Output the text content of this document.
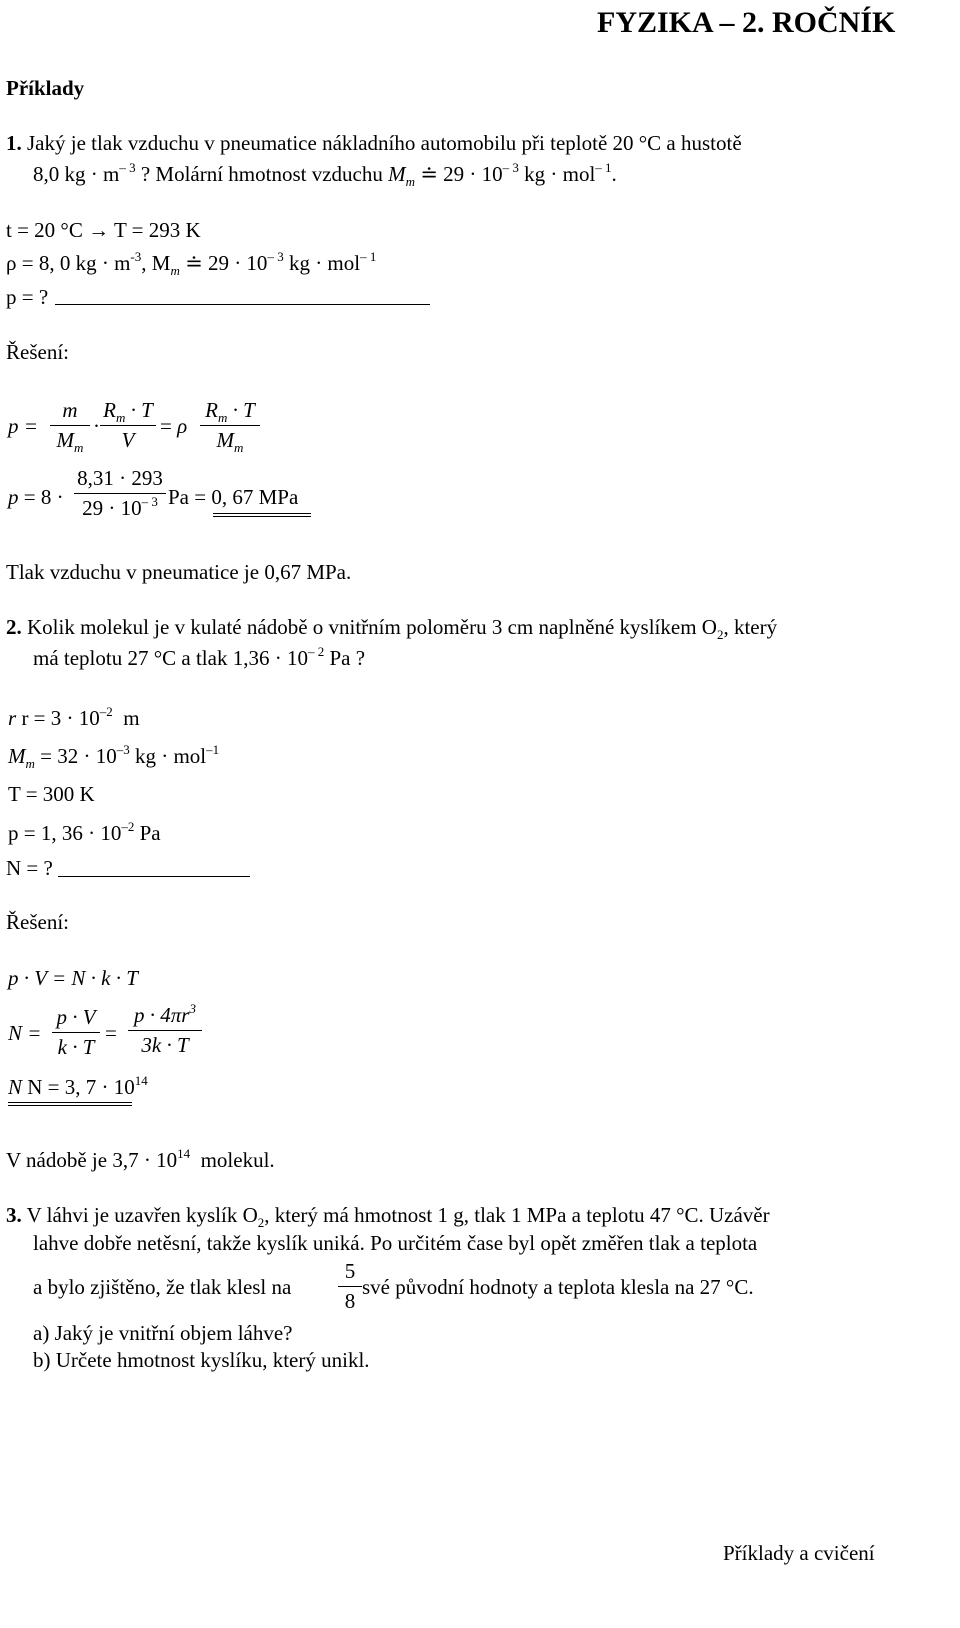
FYZIKA – 2. ROČNÍK
Příklady
1. Jaký je tlak vzduchu v pneumatice nákladního automobilu při teplotě 20 °C a hustotě
8,0 kg · $m^{- 3}$ ? Molární hmotnost vzduchu $M_m$ ≐ $29 \cdot 10^{- 3}$ kg · mol$^{- 1}$.
t = 20 °C → T = 293 K
ρ = 8, 0 kg · $m^{-3}$, $M_m$ ≐ $29 \cdot 10^{- 3}$ kg · mol$^{- 1}$
p = ?
Řešení:
p =
m
$M_m$
·
$R_m \cdot T$
V
= ρ
$R_m \cdot T$
$M_m$
p = 8 ·
8,31 · 293
$29 \cdot 10^{- 3}$ Pa = 0, 67 MPa
Tlak vzduchu v pneumatice je 0,67 MPa.
2. Kolik molekul je v kulaté nádobě o vnitřním poloměru 3 cm naplněné kyslíkem $O_2$, který
má teplotu 27 °C a tlak $1,36 \cdot 10^{- 2}$ Pa ?
r $r = 3 \cdot 10^{-2}$ m
$M_m = 32 \cdot 10^{-3}$ kg · mol$^{-1}$
T = 300 K
p = 1, $36 \cdot 10^{-2}$ Pa
N = ?
Řešení:
p · V = N · k · T
N =
p · V
k · T
=
$p \cdot 4\pi r^3$
3k · T
N N = 3, $7 \cdot 10^{14}$
V nádobě je $3,7 \cdot 10^{14}$ molekul.
3. V láhvi je uzavřen kyslík $O_2$, který má hmotnost 1 g, tlak 1 MPa a teplotu 47 °C. Uzávěr
lahve dobře netěsní, takže kyslík uniká. Po určitém čase byl opět změřen tlak a teplota
a bylo zjištěno, že tlak klesl na
5
8
své původní hodnoty a teplota klesla na 27 °C.
a) Jaký je vnitřní objem láhve?
b) Určete hmotnost kyslíku, který unikl.
Příklady a cvičení
